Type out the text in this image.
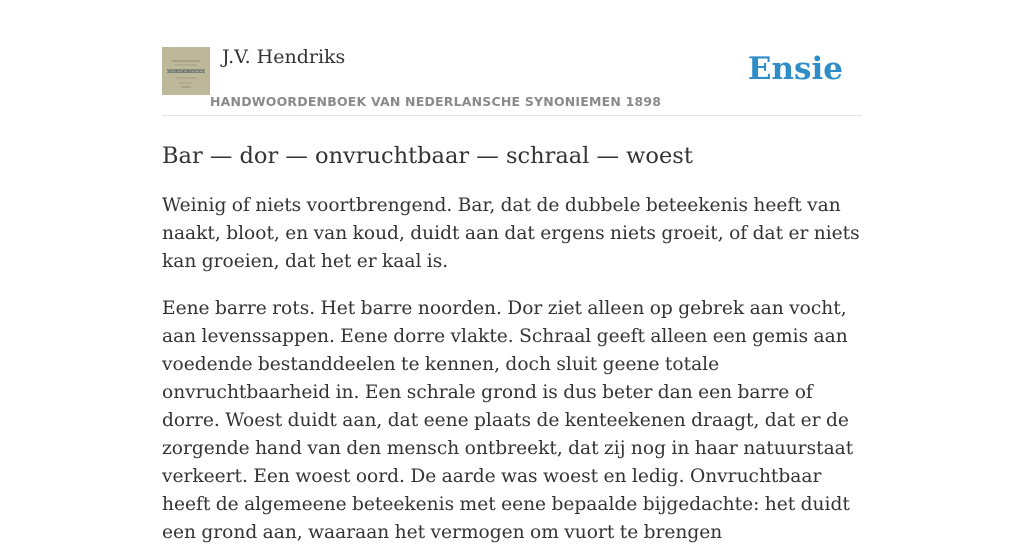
NEDERLANSCHE SYNONIEMEN
J.V. Hendriks
HANDWOORDENBOEK VAN NEDERLANSCHE SYNONIEMEN 1898
Ensie
Bar — dor — onvruchtbaar — schraal — woest

Weinig of niets voortbrengend. Bar, dat de dubbele beteekenis heeft van naakt, bloot, en van koud, duidt aan dat ergens niets groeit, of dat er niets kan groeien, dat het er kaal is.

Eene barre rots. Het barre noorden. Dor ziet alleen op gebrek aan vocht, aan levenssappen. Eene dorre vlakte. Schraal geeft alleen een gemis aan voedende bestanddeelen te kennen, doch sluit geene totale onvruchtbaarheid in. Een schrale grond is dus beter dan een barre of dorre. Woest duidt aan, dat eene plaats de kenteekenen draagt, dat er de zorgende hand van den mensch ontbreekt, dat zij nog in haar natuurstaat verkeert. Een woest oord. De aarde was woest en ledig. Onvruchtbaar heeft de algemeene beteekenis met eene bepaalde bijgedachte: het duidt een grond aan, waaraan het vermogen om vuort te brengen
